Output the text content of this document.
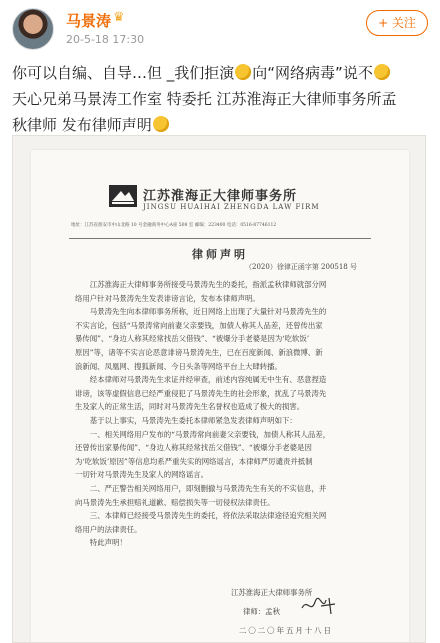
马景涛 ♛
20-5-18 17:30
+ 关注
你可以自编、自导…但 _我们拒演 向“网络病毒”说不
天心兄弟马景涛工作室 特委托 江苏淮海正大律师事务所孟
秋律师 发布律师声明
江苏淮海正大律师事务所
JINGSU HUAIHAI ZHENGDA LAW FIRM
地址：江苏省淮安市中山北路 10 号金融商务中心A座 508 室 邮编：223400 电话：0516-87746112
律师声明
（2020）徐律正函字第 200518 号

江苏淮海正大律师事务所接受马景涛先生的委托，指派孟秋律师就部分网

络用户针对马景涛先生发表诽谤言论，发布本律师声明。

马景涛先生向本律师事务所称，近日网络上出现了大量针对马景涛先生的

不实言论，包括“马景涛常向前妻父亲要钱，加债人称其人品差，还曾传出家

暴传闻”、“身边人称其经常找岳父借钱”、“被爆分手老婆是因为‘吃软饭’

原因”等，诸等不实言论恶意诽谤马景涛先生，已在百度新闻、新浪微博、新

浪新闻、凤凰网、搜狐新闻、今日头条等网络平台上大肆转播。

经本律师对马景涛先生求证并经审查，前述内容纯属无中生有、恶意捏造

诽谤，该等虚假信息已经严重侵犯了马景涛先生的社会形象，扰乱了马景涛先

生及家人的正常生活，同时对马景涛先生名誉权也造成了极大的损害。

基于以上事实，马景涛先生委托本律师紧急发表律师声明如下：

一、相关网络用户发布的“马景涛常向前妻父亲要钱，加债人称其人品差，

还曾传出家暴传闻”、“身边人称其经常找岳父借钱”、“被爆分手老婆是因

为‘吃软饭’原因”等信息均系严重失实的网络谣言，本律师严厉谴责并抵制

一切针对马景涛先生及家人的网络谣言。

二、严正警告相关网络用户，即刻删撤与马景涛先生有关的不实信息，并

向马景涛先生承担赔礼道歉、赔偿损失等一切侵权法律责任。

三、本律师已经接受马景涛先生的委托，将依法采取法律途径追究相关网

络用户的法律责任。

特此声明！

江苏淮海正大律师事务所
律师：孟秋
二〇二〇年五月十八日
